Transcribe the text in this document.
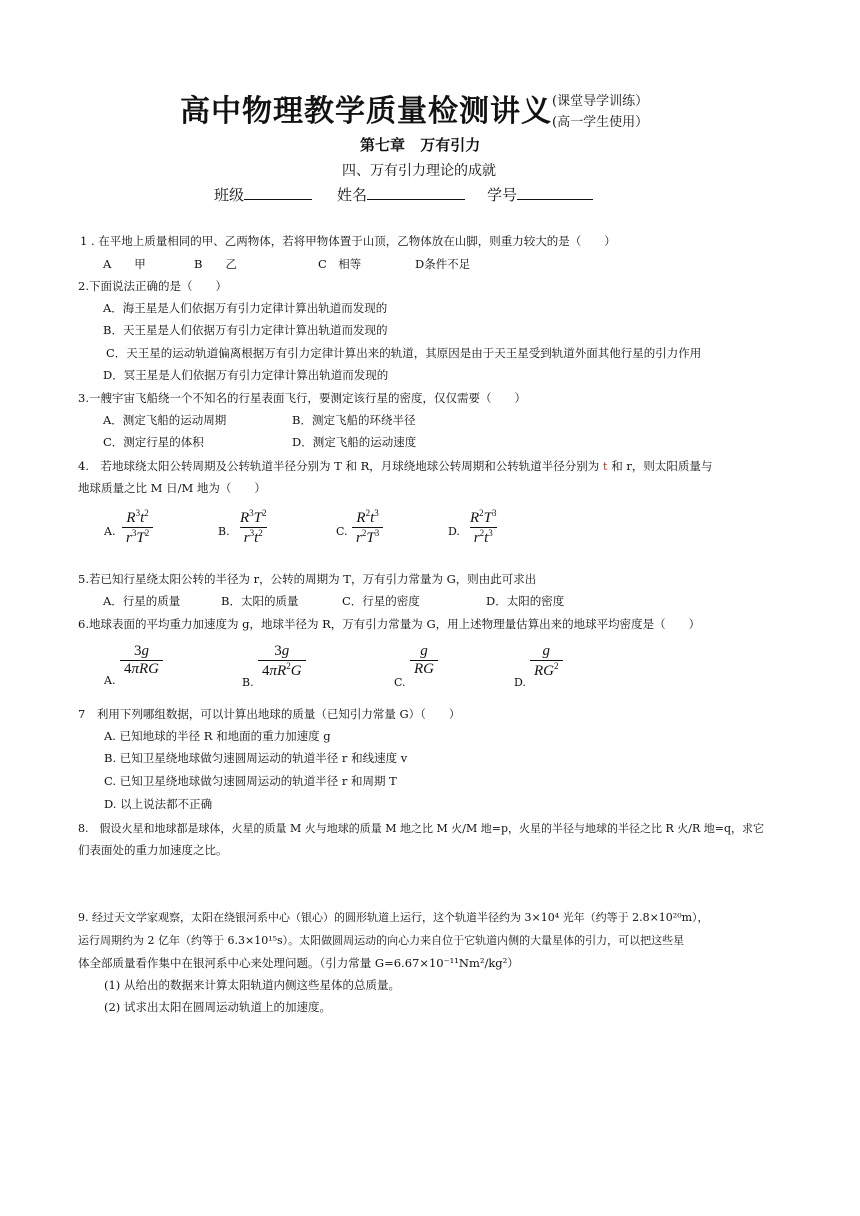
高中物理教学质量检测讲义 (课堂导学训练）
(高一学生使用）
第七章 万有引力
四、万有引力理论的成就
班级	姓名	学号
1 . 在平地上质量相同的甲、乙两物体，若将甲物体置于山顶，乙物体放在山脚，则重力较大的是（　　）
A　　甲	B　　乙	C　相等	D条件不足
2.下面说法正确的是（　　）
A．海王星是人们依据万有引力定律计算出轨道而发现的
B．天王星是人们依据万有引力定律计算出轨道而发现的
C．天王星的运动轨道偏离根据万有引力定律计算出来的轨道，其原因是由于天王星受到轨道外面其他行星的引力作用
D．冥王星是人们依据万有引力定律计算出轨道而发现的
3.一艘宇宙飞船绕一个不知名的行星表面飞行，要测定该行星的密度，仅仅需要（　　）
A．测定飞船的运动周期	B．测定飞船的环绕半径
C．测定行星的体积	D．测定飞船的运动速度
4.　若地球绕太阳公转周期及公转轨道半径分别为 T 和 R，月球绕地球公转周期和公转轨道半径分别为 t 和 r，则太阳质量与
地球质量之比 M 日/M 地为（　　）
A. $\frac{R^3t^2}{r^3T^2}$	B. $\frac{R^3T^2}{r^3t^2}$	C. $\frac{R^2t^3}{r^2T^3}$	D. $\frac{R^2T^3}{r^2t^3}$
5.若已知行星绕太阳公转的半径为 r，公转的周期为 T，万有引力常量为 G，则由此可求出
A．行星的质量	B．太阳的质量	C．行星的密度	D．太阳的密度
6.地球表面的平均重力加速度为 g，地球半径为 R，万有引力常量为 G，用上述物理量估算出来的地球平均密度是（　　）
A.
3g
4πRG
B.
$\frac{3g}{4\pi R^2G}$
C.
$\frac{g}{RG}$
D.
$\frac{g}{RG^2}$
7　利用下列哪组数据，可以计算出地球的质量（已知引力常量 G）（　　）
A. 已知地球的半径 R 和地面的重力加速度 g
B. 已知卫星绕地球做匀速圆周运动的轨道半径 r 和线速度 v
C. 已知卫星绕地球做匀速圆周运动的轨道半径 r 和周期 T
D. 以上说法都不正确
8.　假设火星和地球都是球体，火星的质量 M 火与地球的质量 M 地之比 M 火/M 地=p，火星的半径与地球的半径之比 R 火/R 地=q，求它
们表面处的重力加速度之比。
9. 经过天文学家观察，太阳在绕银河系中心（银心）的圆形轨道上运行，这个轨道半径约为 3×10⁴ 光年（约等于 2.8×10²⁰m），
运行周期约为 2 亿年（约等于 6.3×10¹⁵s）。太阳做圆周运动的向心力来自位于它轨道内侧的大量星体的引力，可以把这些星
体全部质量看作集中在银河系中心来处理问题。（引力常量 G=6.67×10⁻¹¹Nm²/kg²）
(1) 从给出的数据来计算太阳轨道内侧这些星体的总质量。
(2) 试求出太阳在圆周运动轨道上的加速度。
